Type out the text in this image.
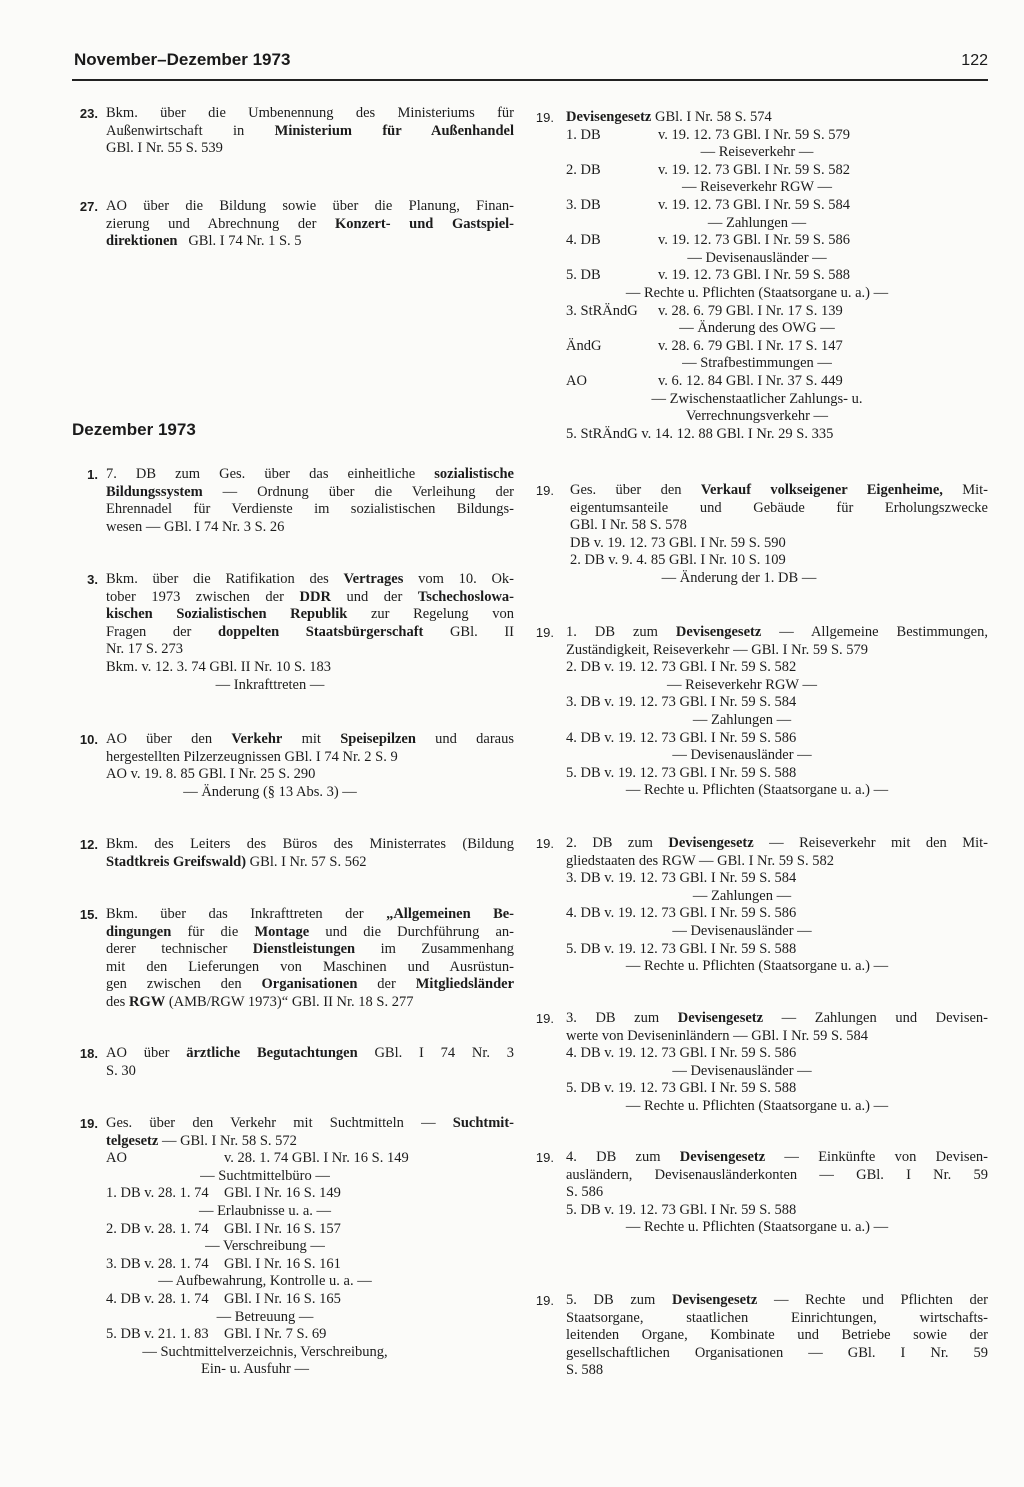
November–Dezember 1973	122
Dezember 1973
23. Bkm. über die Umbenennung des Ministeriums für
Außenwirtschaft in Ministerium für Außenhandel
GBl. I Nr. 55 S. 539
27. AO über die Bildung sowie über die Planung, Finan-
zierung und Abrechnung der Konzert- und Gastspiel-
direktionen GBl. I 74 Nr. 1 S. 5
1. 7. DB zum Ges. über das einheitliche sozialistische
Bildungssystem — Ordnung über die Verleihung der
Ehrennadel für Verdienste im sozialistischen Bildungs-
wesen — GBl. I 74 Nr. 3 S. 26
3. Bkm. über die Ratifikation des Vertrages vom 10. Ok-
tober 1973 zwischen der DDR und der Tschechoslowa-
kischen Sozialistischen Republik zur Regelung von
Fragen der doppelten Staatsbürgerschaft GBl. II
Nr. 17 S. 273
Bkm. v. 12. 3. 74 GBl. II Nr. 10 S. 183
— Inkrafttreten —
10. AO über den Verkehr mit Speisepilzen und daraus
hergestellten Pilzerzeugnissen GBl. I 74 Nr. 2 S. 9
AO v. 19. 8. 85 GBl. I Nr. 25 S. 290
— Änderung (§ 13 Abs. 3) —
12. Bkm. des Leiters des Büros des Ministerrates (Bildung
Stadtkreis Greifswald) GBl. I Nr. 57 S. 562
15. Bkm. über das Inkrafttreten der „Allgemeinen Be-
dingungen für die Montage und die Durchführung an-
derer technischer Dienstleistungen im Zusammenhang
mit den Lieferungen von Maschinen und Ausrüstun-
gen zwischen den Organisationen der Mitgliedsländer
des RGW (AMB/RGW 1973)“ GBl. II Nr. 18 S. 277
18. AO über ärztliche Begutachtungen GBl. I 74 Nr. 3
S. 30
19. Ges. über den Verkehr mit Suchtmitteln — Suchtmit-
telgesetz — GBl. I Nr. 58 S. 572
AO	v. 28. 1. 74 GBl. I Nr. 16 S. 149
— Suchtmittelbüro —
1. DB v. 28. 1. 74 GBl. I Nr. 16 S. 149
— Erlaubnisse u. a. —
2. DB v. 28. 1. 74 GBl. I Nr. 16 S. 157
— Verschreibung —
3. DB v. 28. 1. 74 GBl. I Nr. 16 S. 161
— Aufbewahrung, Kontrolle u. a. —
4. DB v. 28. 1. 74 GBl. I Nr. 16 S. 165
— Betreuung —
5. DB v. 21. 1. 83 GBl. I Nr. 7 S. 69
— Suchtmittelverzeichnis, Verschreibung,
Ein- u. Ausfuhr —
19. Devisengesetz GBl. I Nr. 58 S. 574
1. DB	v. 19. 12. 73 GBl. I Nr. 59 S. 579
— Reiseverkehr —
2. DB	v. 19. 12. 73 GBl. I Nr. 59 S. 582
— Reiseverkehr RGW —
3. DB	v. 19. 12. 73 GBl. I Nr. 59 S. 584
— Zahlungen —
4. DB	v. 19. 12. 73 GBl. I Nr. 59 S. 586
— Devisenausländer —
5. DB	v. 19. 12. 73 GBl. I Nr. 59 S. 588
— Rechte u. Pflichten (Staatsorgane u. a.) —
3. StRÄndG v. 28. 6. 79 GBl. I Nr. 17 S. 139
— Änderung des OWG —
ÄndG	v. 28. 6. 79 GBl. I Nr. 17 S. 147
— Strafbestimmungen —
AO	v. 6. 12. 84 GBl. I Nr. 37 S. 449
— Zwischenstaatlicher Zahlungs- u.
Verrechnungsverkehr —
5. StRÄndG v. 14. 12. 88 GBl. I Nr. 29 S. 335
19. Ges. über den Verkauf volkseigener Eigenheime, Mit-
eigentumsanteile und Gebäude für Erholungszwecke
GBl. I Nr. 58 S. 578
DB v. 19. 12. 73 GBl. I Nr. 59 S. 590
2. DB v. 9. 4. 85 GBl. I Nr. 10 S. 109
— Änderung der 1. DB —
19. 1. DB zum Devisengesetz — Allgemeine Bestimmungen,
Zuständigkeit, Reiseverkehr — GBl. I Nr. 59 S. 579
2. DB v. 19. 12. 73 GBl. I Nr. 59 S. 582
— Reiseverkehr RGW —
3. DB v. 19. 12. 73 GBl. I Nr. 59 S. 584
— Zahlungen —
4. DB v. 19. 12. 73 GBl. I Nr. 59 S. 586
— Devisenausländer —
5. DB v. 19. 12. 73 GBl. I Nr. 59 S. 588
— Rechte u. Pflichten (Staatsorgane u. a.) —
19. 2. DB zum Devisengesetz — Reiseverkehr mit den Mit-
gliedstaaten des RGW — GBl. I Nr. 59 S. 582
3. DB v. 19. 12. 73 GBl. I Nr. 59 S. 584
— Zahlungen —
4. DB v. 19. 12. 73 GBl. I Nr. 59 S. 586
— Devisenausländer —
5. DB v. 19. 12. 73 GBl. I Nr. 59 S. 588
— Rechte u. Pflichten (Staatsorgane u. a.) —
19. 3. DB zum Devisengesetz — Zahlungen und Devisen-
werte von Deviseninländern — GBl. I Nr. 59 S. 584
4. DB v. 19. 12. 73 GBl. I Nr. 59 S. 586
— Devisenausländer —
5. DB v. 19. 12. 73 GBl. I Nr. 59 S. 588
— Rechte u. Pflichten (Staatsorgane u. a.) —
19. 4. DB zum Devisengesetz — Einkünfte von Devisen-
ausländern, Devisenausländerkonten — GBl. I Nr. 59
S. 586
5. DB v. 19. 12. 73 GBl. I Nr. 59 S. 588
— Rechte u. Pflichten (Staatsorgane u. a.) —
19. 5. DB zum Devisengesetz — Rechte und Pflichten der
Staatsorgane, staatlichen Einrichtungen, wirtschafts-
leitenden Organe, Kombinate und Betriebe sowie der
gesellschaftlichen Organisationen — GBl. I Nr. 59
S. 588
